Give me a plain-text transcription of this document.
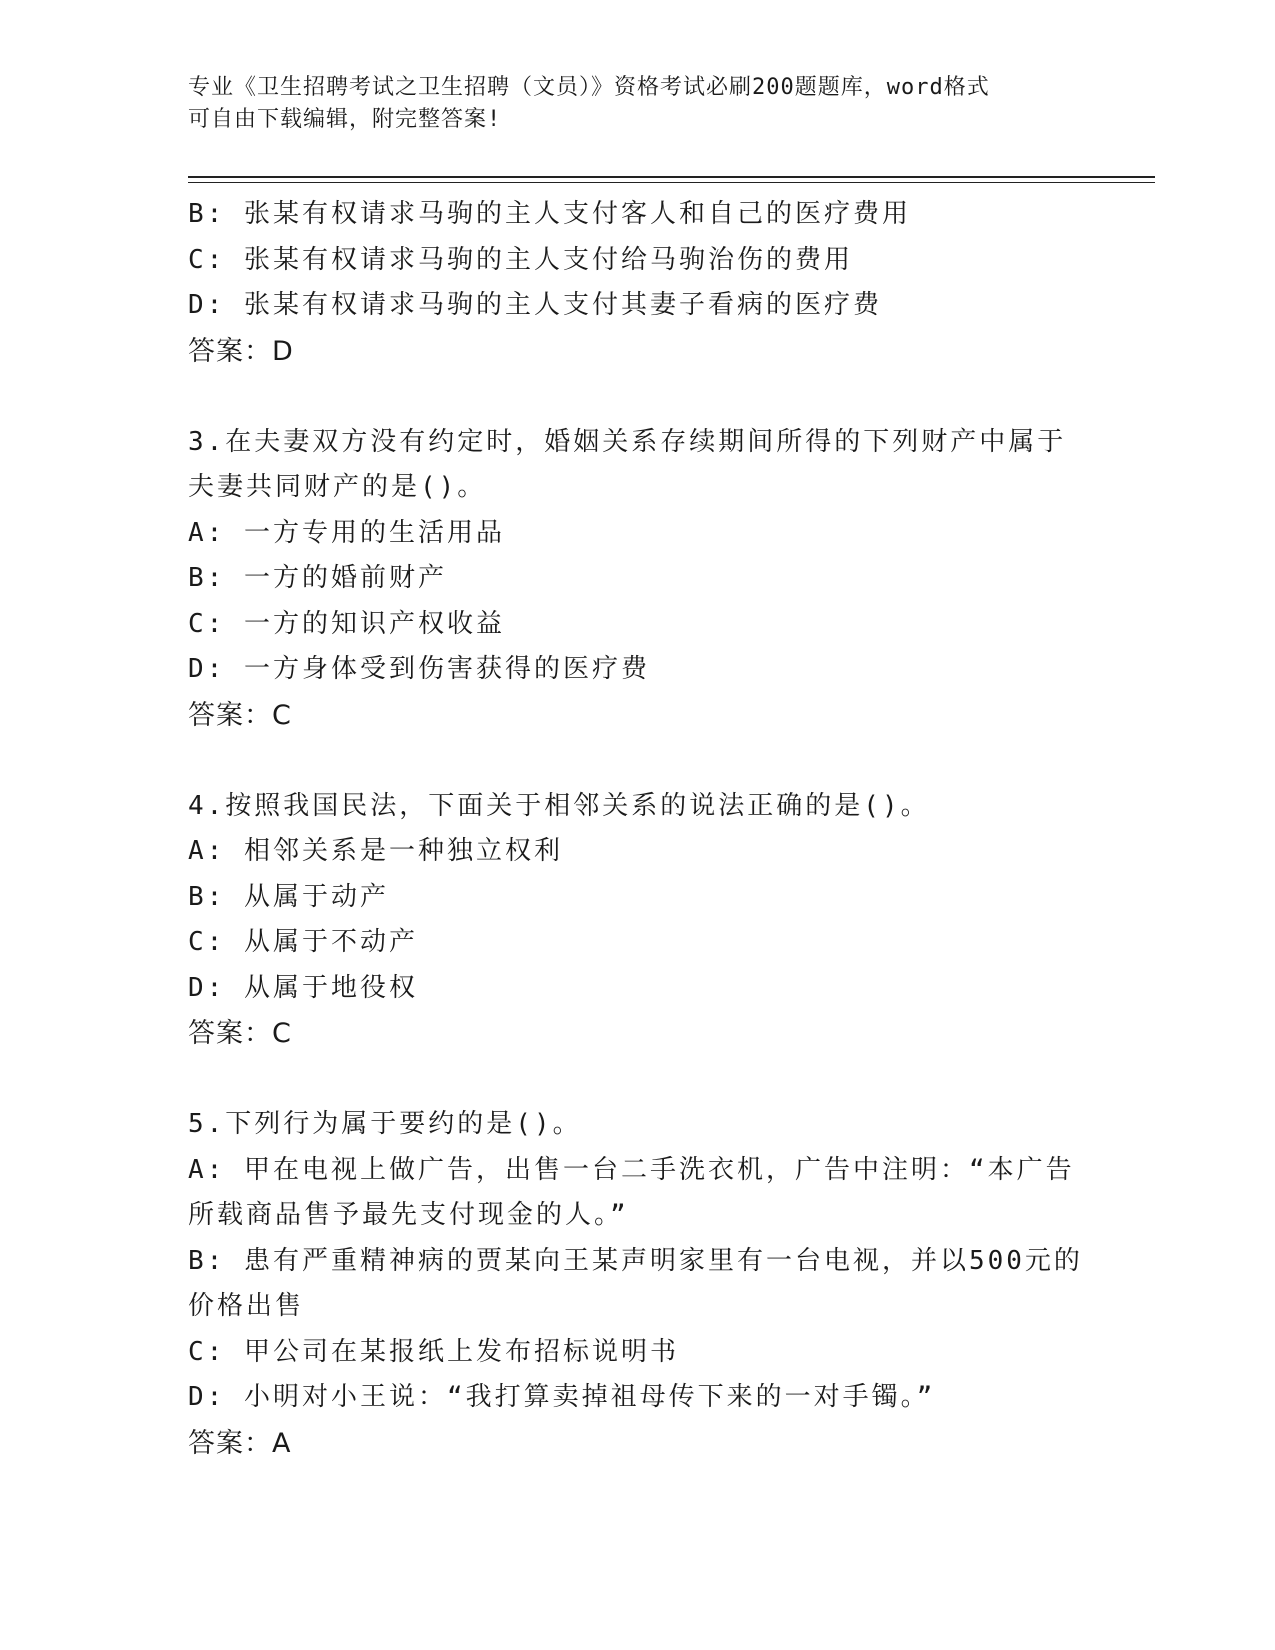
专业《卫生招聘考试之卫生招聘（文员）》资格考试必刷200题题库，word格式
可自由下载编辑，附完整答案!
B: 张某有权请求马驹的主人支付客人和自己的医疗费用
C: 张某有权请求马驹的主人支付给马驹治伤的费用
D: 张某有权请求马驹的主人支付其妻子看病的医疗费
答案：D
3.在夫妻双方没有约定时，婚姻关系存续期间所得的下列财产中属于
夫妻共同财产的是()。
A: 一方专用的生活用品
B: 一方的婚前财产
C: 一方的知识产权收益
D: 一方身体受到伤害获得的医疗费
答案：C
4.按照我国民法，下面关于相邻关系的说法正确的是()。
A: 相邻关系是一种独立权利
B: 从属于动产
C: 从属于不动产
D: 从属于地役权
答案：C
5.下列行为属于要约的是()。
A: 甲在电视上做广告，出售一台二手洗衣机，广告中注明：“本广告
所载商品售予最先支付现金的人。”
B: 患有严重精神病的贾某向王某声明家里有一台电视，并以500元的
价格出售
C: 甲公司在某报纸上发布招标说明书
D: 小明对小王说：“我打算卖掉祖母传下来的一对手镯。”
答案：A
